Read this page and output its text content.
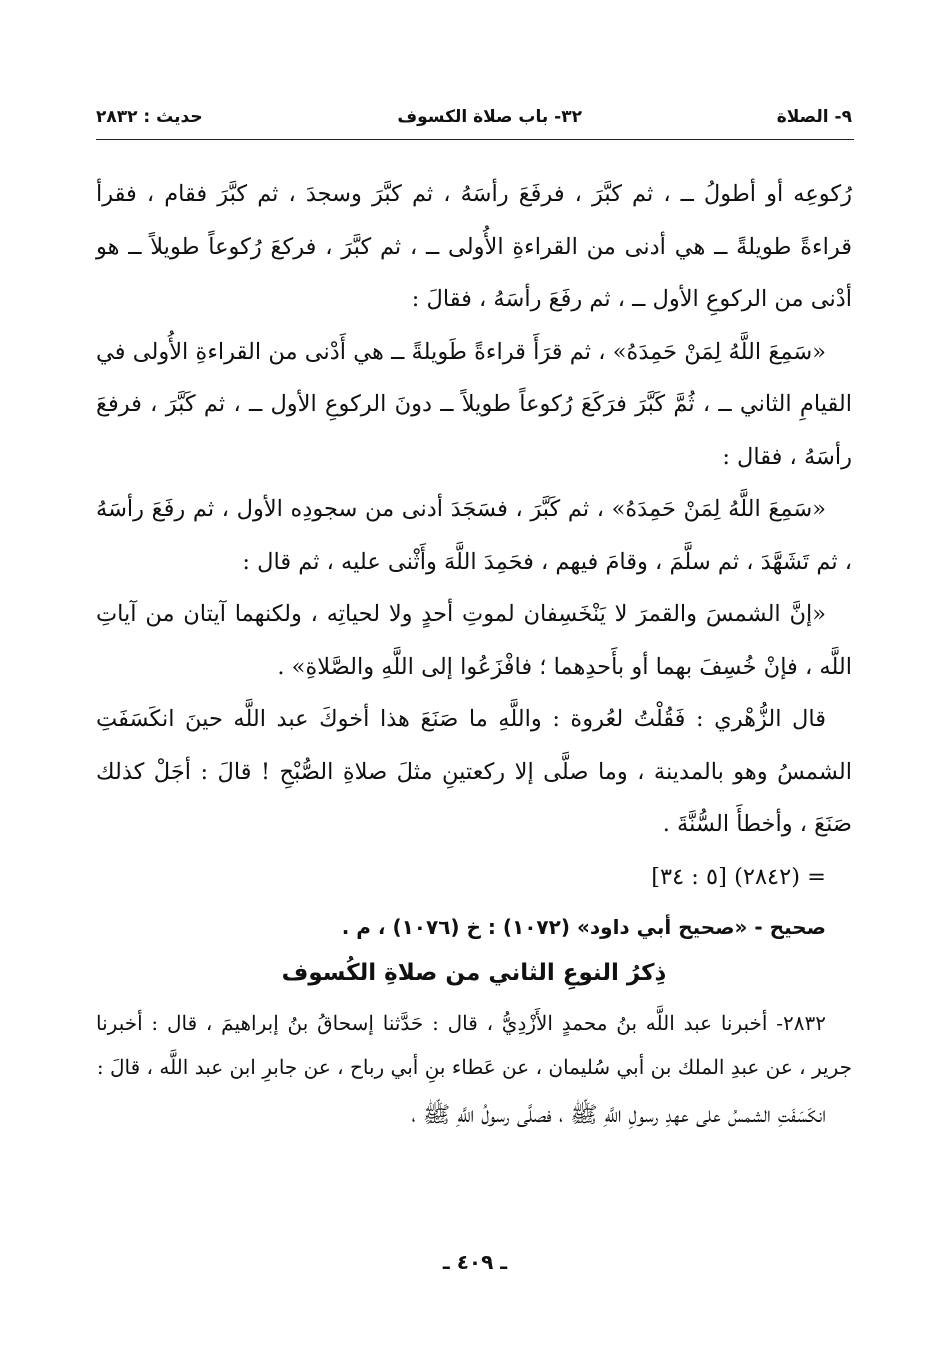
حديث : ٢٨٣٢	٣٢- باب صلاة الكسوف	٩- الصلاة

رُكوعِه أو أطولُ ــ ، ثم كبَّرَ ، فرفَعَ رأسَهُ ، ثم كبَّرَ وسجدَ ، ثم كبَّرَ فقام ، فقرأ قراءةً طويلةً ــ هي أدنى من القراءةِ الأُولى ــ ، ثم كبَّرَ ، فركعَ رُكوعاً طويلاً ــ هو أدْنى من الركوعِ الأول ــ ، ثم رفَعَ رأسَهُ ، فقالَ :

«سَمِعَ اللَّهُ لِمَنْ حَمِدَهُ» ، ثم قرَأَ قراءةً طَويلةً ــ هي أَدْنى من القراءةِ الأُولى في القيامِ الثاني ــ ، ثُمَّ كَبَّرَ فرَكَعَ رُكوعاً طويلاً ــ دونَ الركوعِ الأول ــ ، ثم كَبَّرَ ، فرفعَ رأسَهُ ، فقال :

«سَمِعَ اللَّهُ لِمَنْ حَمِدَهُ» ، ثم كَبَّرَ ، فسَجَدَ أدنى من سجودِه الأول ، ثم رفَعَ رأسَهُ ، ثم تَشَهَّدَ ، ثم سلَّمَ ، وقامَ فيهم ، فحَمِدَ اللَّهَ وأَثْنى عليه ، ثم قال :

«إنَّ الشمسَ والقمرَ لا يَنْخَسِفان لموتِ أحدٍ ولا لحياتِه ، ولكنهما آيتان من آياتِ اللَّه ، فإنْ خُسِفَ بهما أو بأَحدِهما ؛ فافْزَعُوا إلى اللَّهِ والصَّلاةِ» .

قال الزُّهْري : فَقُلْتُ لعُروة : واللَّهِ ما صَنَعَ هذا أخوكَ عبد اللَّه حينَ انكَسَفَتِ الشمسُ وهو بالمدينة ، وما صلَّى إلا ركعتينِ مثلَ صلاةِ الصُّبْحِ ! قالَ : أجَلْ كذلك صَنَعَ ، وأخطأَ السُّنَّةَ .

= (٢٨٤٢) [٥ : ٣٤]

صحيح - «صحيح أبي داود» (١٠٧٢) : خ (١٠٧٦) ، م .

ذِكرُ النوعِ الثاني من صلاةِ الكُسوف

٢٨٣٢- أخبرنا عبد اللَّه بنُ محمدٍ الأَزْدِيُّ ، قال : حَدَّثنا إسحاقُ بنُ إبراهيمَ ، قال : أخبرنا جرير ، عن عبدِ الملك بن أبي سُليمان ، عن عَطاء بنِ أبي رباح ، عن جابرِ ابن عبد اللَّه ، قالَ :

انكَسَفَتِ الشمسُ على عهدِ رسولِ اللَّهِ ﷺ ، فصلَّى رسولُ اللَّهِ ﷺ ،

ـ ٤٠٩ ـ
